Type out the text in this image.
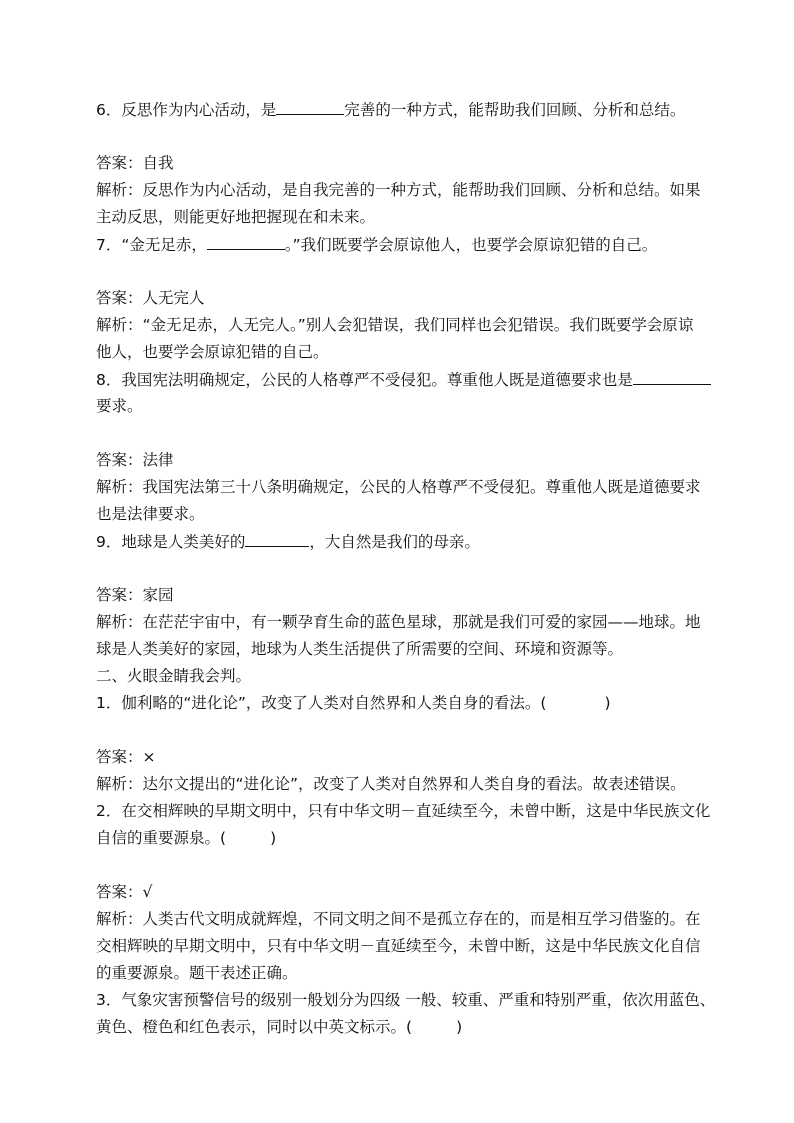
6．反思作为内心活动，是	完善的一种方式，能帮助我们回顾、分析和总结。
答案：自我
解析：反思作为内心活动，是自我完善的一种方式，能帮助我们回顾、分析和总结。如果
主动反思，则能更好地把握现在和未来。
7．“金无足赤，	。”我们既要学会原谅他人，也要学会原谅犯错的自己。
答案：人无完人
解析：“金无足赤，人无完人。”别人会犯错误，我们同样也会犯错误。我们既要学会原谅
他人，也要学会原谅犯错的自己。
8．我国宪法明确规定，公民的人格尊严不受侵犯。尊重他人既是道德要求也是
要求。
答案：法律
解析：我国宪法第三十八条明确规定，公民的人格尊严不受侵犯。尊重他人既是道德要求
也是法律要求。
9．地球是人类美好的	，大自然是我们的母亲。
答案：家园
解析：在茫茫宇宙中，有一颗孕育生命的蓝色星球，那就是我们可爱的家园——地球。地
球是人类美好的家园，地球为人类生活提供了所需要的空间、环境和资源等。
二、火眼金睛我会判。
1．伽利略的“进化论”，改变了人类对自然界和人类自身的看法。(	)
答案：×
解析：达尔文提出的“进化论”，改变了人类对自然界和人类自身的看法。故表述错误。
2．在交相辉映的早期文明中，只有中华文明－直延续至今，未曾中断，这是中华民族文化
自信的重要源泉。(	)
答案：√
解析：人类古代文明成就辉煌，不同文明之间不是孤立存在的，而是相互学习借鉴的。在
交相辉映的早期文明中，只有中华文明－直延续至今，未曾中断，这是中华民族文化自信
的重要源泉。题干表述正确。
3．气象灾害预警信号的级别一般划分为四级 一般、较重、严重和特别严重，依次用蓝色、
黄色、橙色和红色表示，同时以中英文标示。(	)
